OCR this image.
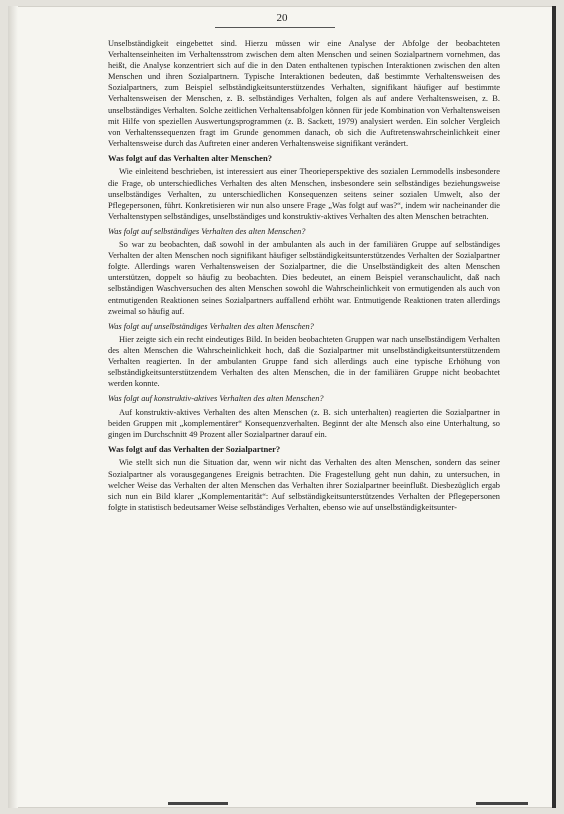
20

Unselbständigkeit eingebettet sind. Hierzu müssen wir eine Analyse der Abfolge der beobachteten Verhaltenseinheiten im Verhaltensstrom zwischen dem alten Menschen und seinen Sozialpartnern vornehmen, das heißt, die Analyse konzentriert sich auf die in den Daten enthaltenen typischen Interaktionen zwischen den alten Menschen und ihren Sozialpartnern. Typische Interaktionen bedeuten, daß bestimmte Verhaltensweisen des Sozialpartners, zum Beispiel selbständigkeitsunterstützendes Verhalten, signifikant häufiger auf bestimmte Verhaltensweisen der Menschen, z. B. selbständiges Verhalten, folgen als auf andere Verhaltensweisen, z. B. unselbständiges Verhalten. Solche zeitlichen Verhaltensabfolgen können für jede Kombination von Verhaltensweisen mit Hilfe von speziellen Auswertungsprogrammen (z. B. Sackett, 1979) analysiert werden. Ein solcher Vergleich von Verhaltenssequenzen fragt im Grunde genommen danach, ob sich die Auftretenswahrscheinlichkeit einer Verhaltensweise durch das Auftreten einer anderen Verhaltensweise signifikant verändert.

Was folgt auf das Verhalten alter Menschen?

Wie einleitend beschrieben, ist interessiert aus einer Theorieperspektive des sozialen Lernmodells insbesondere die Frage, ob unterschiedliches Verhalten des alten Menschen, insbesondere sein selbständiges beziehungsweise unselbständiges Verhalten, zu unterschiedlichen Konsequenzen seitens seiner sozialen Umwelt, also der Pflegepersonen, führt. Konkretisieren wir nun also unsere Frage „Was folgt auf was?“, indem wir nacheinander die Verhaltenstypen selbständiges, unselbständiges und konstruktiv-aktives Verhalten des alten Menschen betrachten.

Was folgt auf selbständiges Verhalten des alten Menschen?

So war zu beobachten, daß sowohl in der ambulanten als auch in der familiären Gruppe auf selbständiges Verhalten der alten Menschen noch signifikant häufiger selbständigkeitsunterstützendes Verhalten der Sozialpartner folgte. Allerdings waren Verhaltensweisen der Sozialpartner, die die Unselbständigkeit des alten Menschen unterstützen, doppelt so häufig zu beobachten. Dies bedeutet, an einem Beispiel veranschaulicht, daß nach selbständigen Waschversuchen des alten Menschen sowohl die Wahrscheinlichkeit von ermutigenden als auch von entmutigenden Reaktionen seines Sozialpartners auffallend erhöht war. Entmutigende Reaktionen traten allerdings zweimal so häufig auf.

Was folgt auf unselbständiges Verhalten des alten Menschen?

Hier zeigte sich ein recht eindeutiges Bild. In beiden beobachteten Gruppen war nach unselbständigem Verhalten des alten Menschen die Wahrscheinlichkeit hoch, daß die Sozialpartner mit unselbständigkeitsunterstützendem Verhalten reagierten. In der ambulanten Gruppe fand sich allerdings auch eine typische Erhöhung von selbständigkeitsunterstützendem Verhalten des alten Menschen, die in der familiären Gruppe nicht beobachtet werden konnte.

Was folgt auf konstruktiv-aktives Verhalten des alten Menschen?

Auf konstruktiv-aktives Verhalten des alten Menschen (z. B. sich unterhalten) reagierten die Sozialpartner in beiden Gruppen mit „komplementärer“ Konsequenzverhalten. Beginnt der alte Mensch also eine Unterhaltung, so gingen im Durchschnitt 49 Prozent aller Sozialpartner darauf ein.

Was folgt auf das Verhalten der Sozialpartner?

Wie stellt sich nun die Situation dar, wenn wir nicht das Verhalten des alten Menschen, sondern das seiner Sozialpartner als vorausgegangenes Ereignis betrachten. Die Fragestellung geht nun dahin, zu untersuchen, in welcher Weise das Verhalten der alten Menschen das Verhalten ihrer Sozialpartner beeinflußt. Diesbezüglich ergab sich nun ein Bild klarer „Komplementarität“: Auf selbständigkeitsunterstützendes Verhalten der Pflegepersonen folgte in statistisch bedeutsamer Weise selbständiges Verhalten, ebenso wie auf unselbständigkeitsunter-
